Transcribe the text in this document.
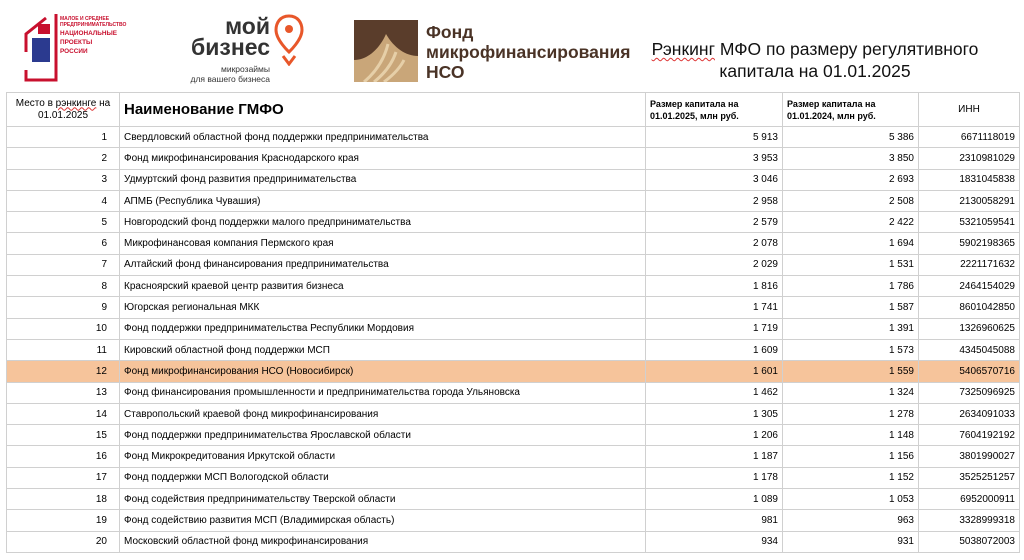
МАЛОЕ И СРЕДНЕЕ
ПРЕДПРИНИМАТЕЛЬСТВО
НАЦИОНАЛЬНЫЕ
ПРОЕКТЫ
РОССИИ
мой
бизнес
микрозаймы
для вашего бизнеса
Фонд
микрофинансирования
НСО
Рэнкинг МФО по размеру регулятивного
капитала на 01.01.2025
Место в рэнкинге на 01.01.2025	Наименование ГМФО	Размер капитала на 01.01.2025, млн руб.	Размер капитала на 01.01.2024, млн руб.	ИНН
1	Свердловский областной фонд поддержки предпринимательства	5 913	5 386	6671118019
2	Фонд микрофинансирования Краснодарского края	3 953	3 850	2310981029
3	Удмуртский фонд развития предпринимательства	3 046	2 693	1831045838
4	АПМБ (Республика Чувашия)	2 958	2 508	2130058291
5	Новгородский фонд поддержки малого предпринимательства	2 579	2 422	5321059541
6	Микрофинансовая компания Пермского края	2 078	1 694	5902198365
7	Алтайский фонд финансирования предпринимательства	2 029	1 531	2221171632
8	Красноярский краевой центр развития бизнеса	1 816	1 786	2464154029
9	Югорская региональная МКК	1 741	1 587	8601042850
10	Фонд поддержки предпринимательства Республики Мордовия	1 719	1 391	1326960625
11	Кировский областной фонд поддержки МСП	1 609	1 573	4345045088
12	Фонд микрофинансирования НСО (Новосибирск)	1 601	1 559	5406570716
13	Фонд финансирования промышленности и предпринимательства города Ульяновска	1 462	1 324	7325096925
14	Ставропольский краевой фонд микрофинансирования	1 305	1 278	2634091033
15	Фонд поддержки предпринимательства Ярославской области	1 206	1 148	7604192192
16	Фонд Микрокредитования Иркутской области	1 187	1 156	3801990027
17	Фонд поддержки МСП Вологодской области	1 178	1 152	3525251257
18	Фонд содействия предпринимательству Тверской области	1 089	1 053	6952000911
19	Фонд содействию развития МСП (Владимирская область)	981	963	3328999318
20	Московский областной фонд микрофинансирования	934	931	5038072003
